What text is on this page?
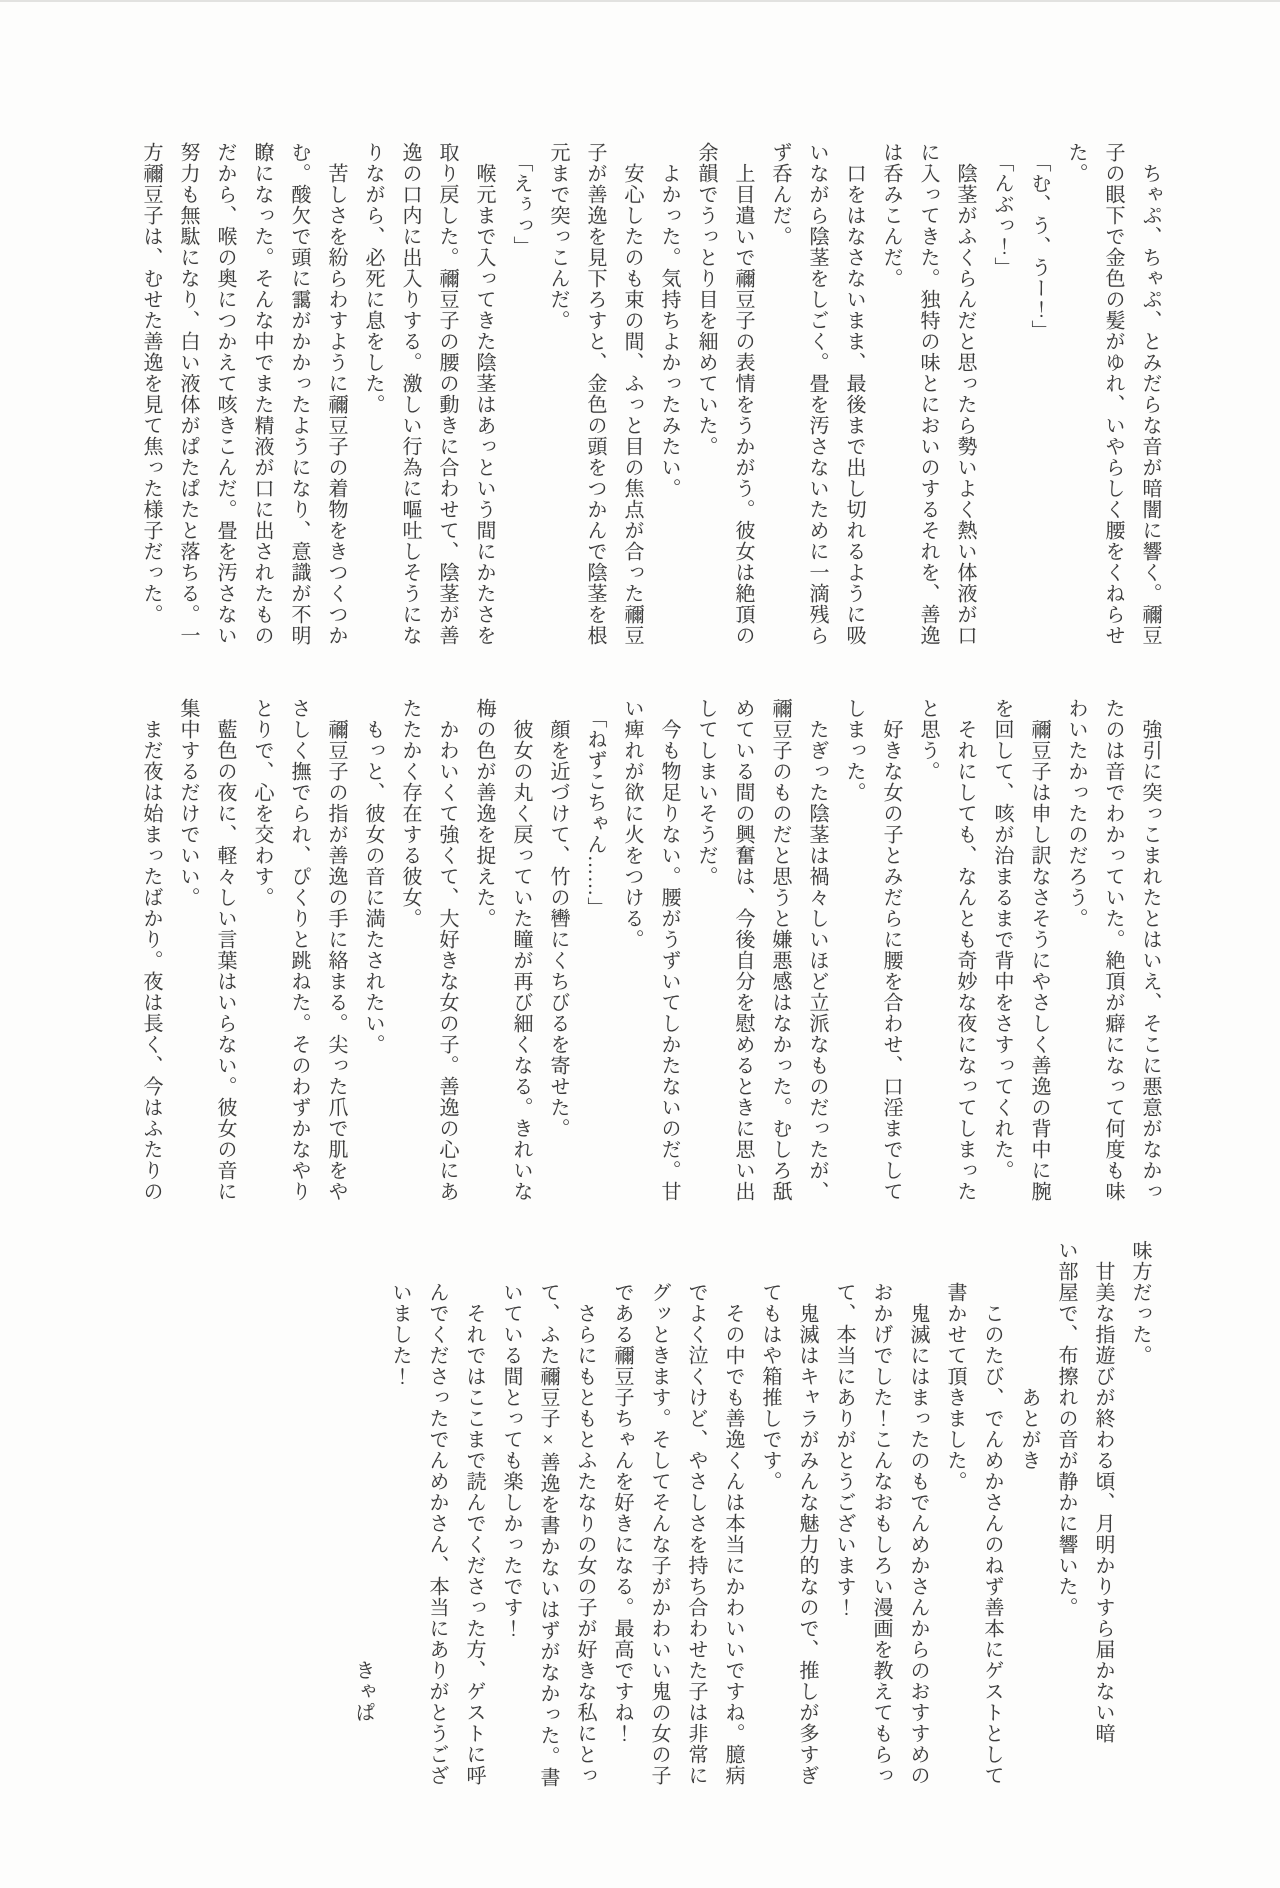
ちゃぷ、ちゃぷ、とみだらな音が暗闇に響く。禰豆子の眼下で金色の髪がゆれ、いやらしく腰をくねらせた。

「む、う、うー！」

「んぶっ！」

陰茎がふくらんだと思ったら勢いよく熱い体液が口に入ってきた。独特の味とにおいのするそれを、善逸は呑みこんだ。

口をはなさないまま、最後まで出し切れるように吸いながら陰茎をしごく。畳を汚さないために一滴残らず呑んだ。

上目遣いで禰豆子の表情をうかがう。彼女は絶頂の余韻でうっとり目を細めていた。

よかった。気持ちよかったみたい。

安心したのも束の間、ふっと目の焦点が合った禰豆子が善逸を見下ろすと、金色の頭をつかんで陰茎を根元まで突っこんだ。

「えぅっ」

喉元まで入ってきた陰茎はあっという間にかたさを取り戻した。禰豆子の腰の動きに合わせて、陰茎が善逸の口内に出入りする。激しい行為に嘔吐しそうになりながら、必死に息をした。

苦しさを紛らわすように禰豆子の着物をきつくつかむ。酸欠で頭に靄がかかったようになり、意識が不明瞭になった。そんな中でまた精液が口に出されたものだから、喉の奥につかえて咳きこんだ。畳を汚さない努力も無駄になり、白い液体がぱたぱたと落ちる。一方禰豆子は、むせた善逸を見て焦った様子だった。

強引に突っこまれたとはいえ、そこに悪意がなかったのは音でわかっていた。絶頂が癖になって何度も味わいたかったのだろう。

禰豆子は申し訳なさそうにやさしく善逸の背中に腕を回して、咳が治まるまで背中をさすってくれた。

それにしても、なんとも奇妙な夜になってしまったと思う。

好きな女の子とみだらに腰を合わせ、口淫までしてしまった。

たぎった陰茎は禍々しいほど立派なものだったが、禰豆子のものだと思うと嫌悪感はなかった。むしろ舐めている間の興奮は、今後自分を慰めるときに思い出してしまいそうだ。

今も物足りない。腰がうずいてしかたないのだ。甘い痺れが欲に火をつける。

「ねずこちゃん……」

顔を近づけて、竹の轡にくちびるを寄せた。

彼女の丸く戻っていた瞳が再び細くなる。きれいな梅の色が善逸を捉えた。

かわいくて強くて、大好きな女の子。善逸の心にあたたかく存在する彼女。

もっと、彼女の音に満たされたい。

禰豆子の指が善逸の手に絡まる。尖った爪で肌をやさしく撫でられ、ぴくりと跳ねた。そのわずかなやりとりで、心を交わす。

藍色の夜に、軽々しい言葉はいらない。彼女の音に集中するだけでいい。

まだ夜は始まったばかり。夜は長く、今はふたりの

味方だった。

甘美な指遊びが終わる頃、月明かりすら届かない暗い部屋で、布擦れの音が静かに響いた。

あとがき

このたび、でんめかさんのねず善本にゲストとして書かせて頂きました。

鬼滅にはまったのもでんめかさんからのおすすめのおかげでした！こんなおもしろい漫画を教えてもらって、本当にありがとうございます！

鬼滅はキャラがみんな魅力的なので、推しが多すぎてもはや箱推しです。

その中でも善逸くんは本当にかわいいですね。臆病でよく泣くけど、やさしさを持ち合わせた子は非常にグッときます。そしてそんな子がかわいい鬼の女の子である禰豆子ちゃんを好きになる。最高ですね！

さらにもともとふたなりの女の子が好きな私にとって、ふた禰豆子×善逸を書かないはずがなかった。書いている間とっても楽しかったです！

それではここまで読んでくださった方、ゲストに呼んでくださったでんめかさん、本当にありがとうございました！

きゃぱ
